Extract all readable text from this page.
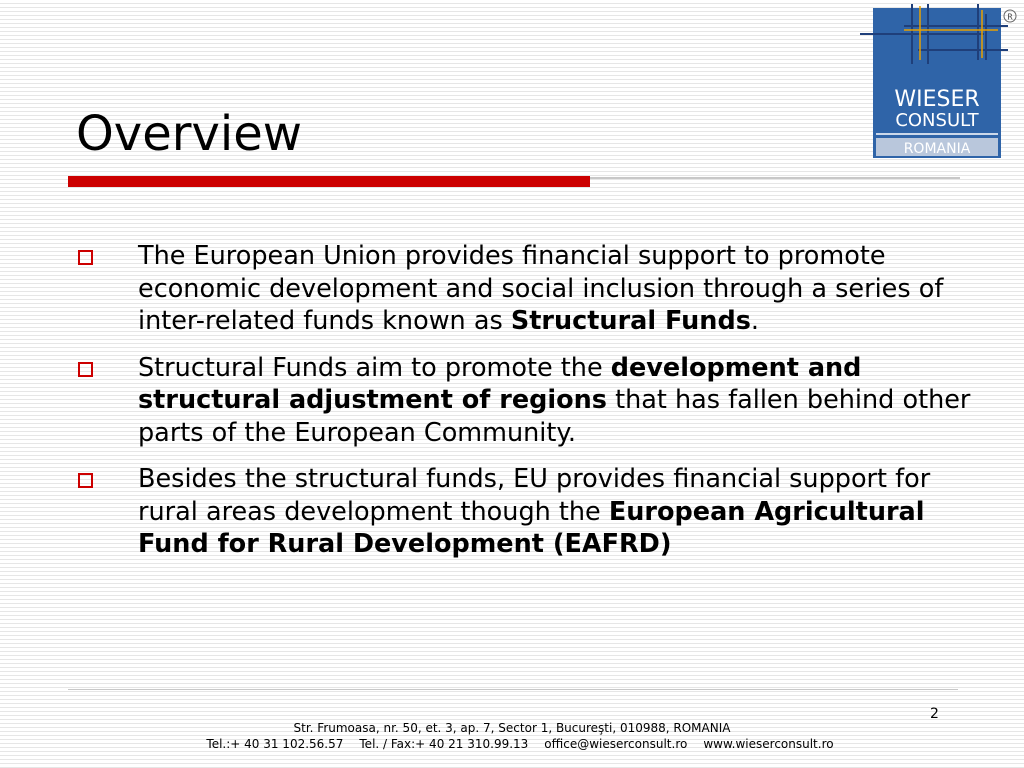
WIESER
CONSULT
ROMANIA
R
Overview
The European Union provides financial support to promote economic development and social inclusion through a series of inter-related funds known as Structural Funds.
Structural Funds aim to promote the development and structural adjustment of regions that has fallen behind other parts of the European Community.
Besides the structural funds, EU provides financial support for rural areas development though the European Agricultural Fund for Rural Development (EAFRD)
2
Str. Frumoasa, nr. 50, et. 3, ap. 7, Sector 1, Bucureşti, 010988, ROMANIA
Tel.:+ 40 31 102.56.57 Tel. / Fax:+ 40 21 310.99.13 office@wieserconsult.ro www.wieserconsult.ro
